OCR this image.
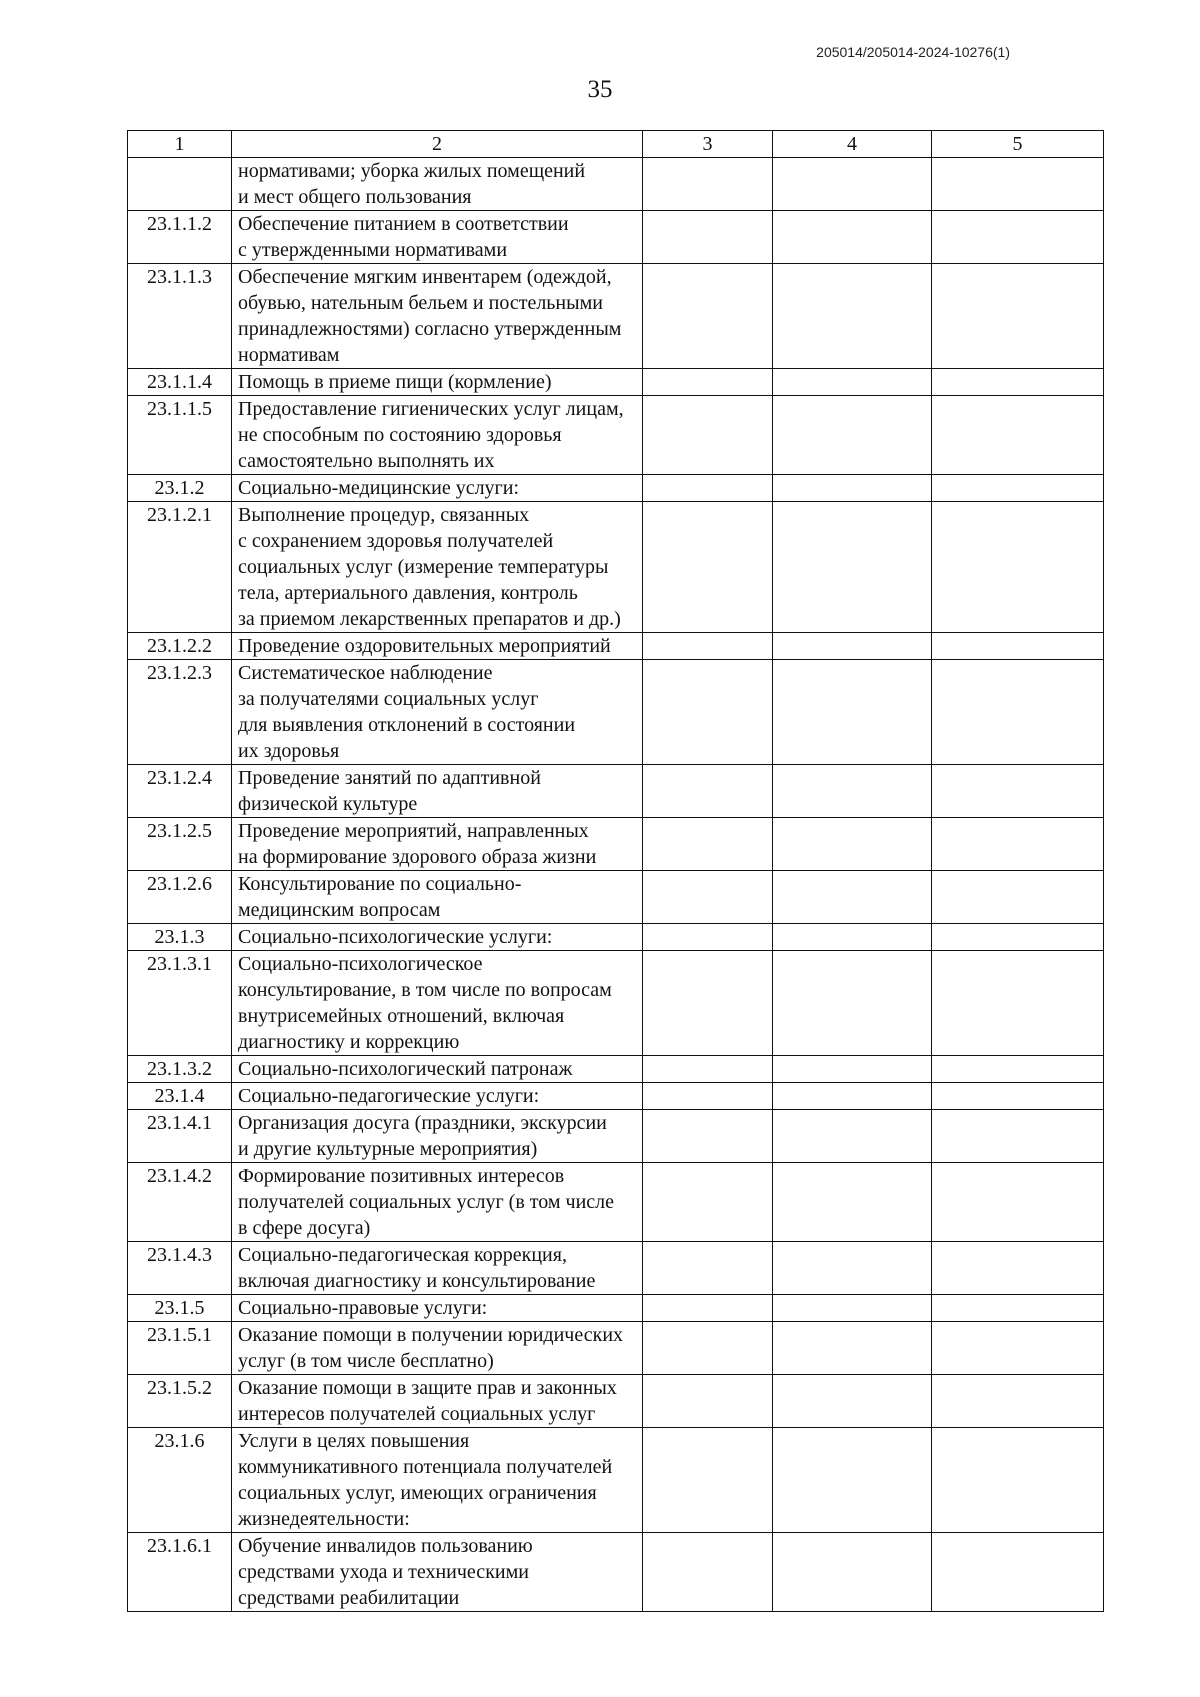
205014/205014-2024-10276(1)
35
1	2	3	4	5
	нормативами; уборка жилых помещений
и мест общего пользования			
23.1.1.2	Обеспечение питанием в соответствии
с утвержденными нормативами			
23.1.1.3	Обеспечение мягким инвентарем (одеждой,
обувью, нательным бельем и постельными
принадлежностями) согласно утвержденным
нормативам			
23.1.1.4	Помощь в приеме пищи (кормление)			
23.1.1.5	Предоставление гигиенических услуг лицам,
не способным по состоянию здоровья
самостоятельно выполнять их			
23.1.2	Социально-медицинские услуги:			
23.1.2.1	Выполнение процедур, связанных
с сохранением здоровья получателей
социальных услуг (измерение температуры
тела, артериального давления, контроль
за приемом лекарственных препаратов и др.)			
23.1.2.2	Проведение оздоровительных мероприятий			
23.1.2.3	Систематическое наблюдение
за получателями социальных услуг
для выявления отклонений в состоянии
их здоровья			
23.1.2.4	Проведение занятий по адаптивной
физической культуре			
23.1.2.5	Проведение мероприятий, направленных
на формирование здорового образа жизни			
23.1.2.6	Консультирование по социально-
медицинским вопросам			
23.1.3	Социально-психологические услуги:			
23.1.3.1	Социально-психологическое
консультирование, в том числе по вопросам
внутрисемейных отношений, включая
диагностику и коррекцию			
23.1.3.2	Социально-психологический патронаж			
23.1.4	Социально-педагогические услуги:			
23.1.4.1	Организация досуга (праздники, экскурсии
и другие культурные мероприятия)			
23.1.4.2	Формирование позитивных интересов
получателей социальных услуг (в том числе
в сфере досуга)			
23.1.4.3	Социально-педагогическая коррекция,
включая диагностику и консультирование			
23.1.5	Социально-правовые услуги:			
23.1.5.1	Оказание помощи в получении юридических
услуг (в том числе бесплатно)			
23.1.5.2	Оказание помощи в защите прав и законных
интересов получателей социальных услуг			
23.1.6	Услуги в целях повышения
коммуникативного потенциала получателей
социальных услуг, имеющих ограничения
жизнедеятельности:			
23.1.6.1	Обучение инвалидов пользованию
средствами ухода и техническими
средствами реабилитации			
